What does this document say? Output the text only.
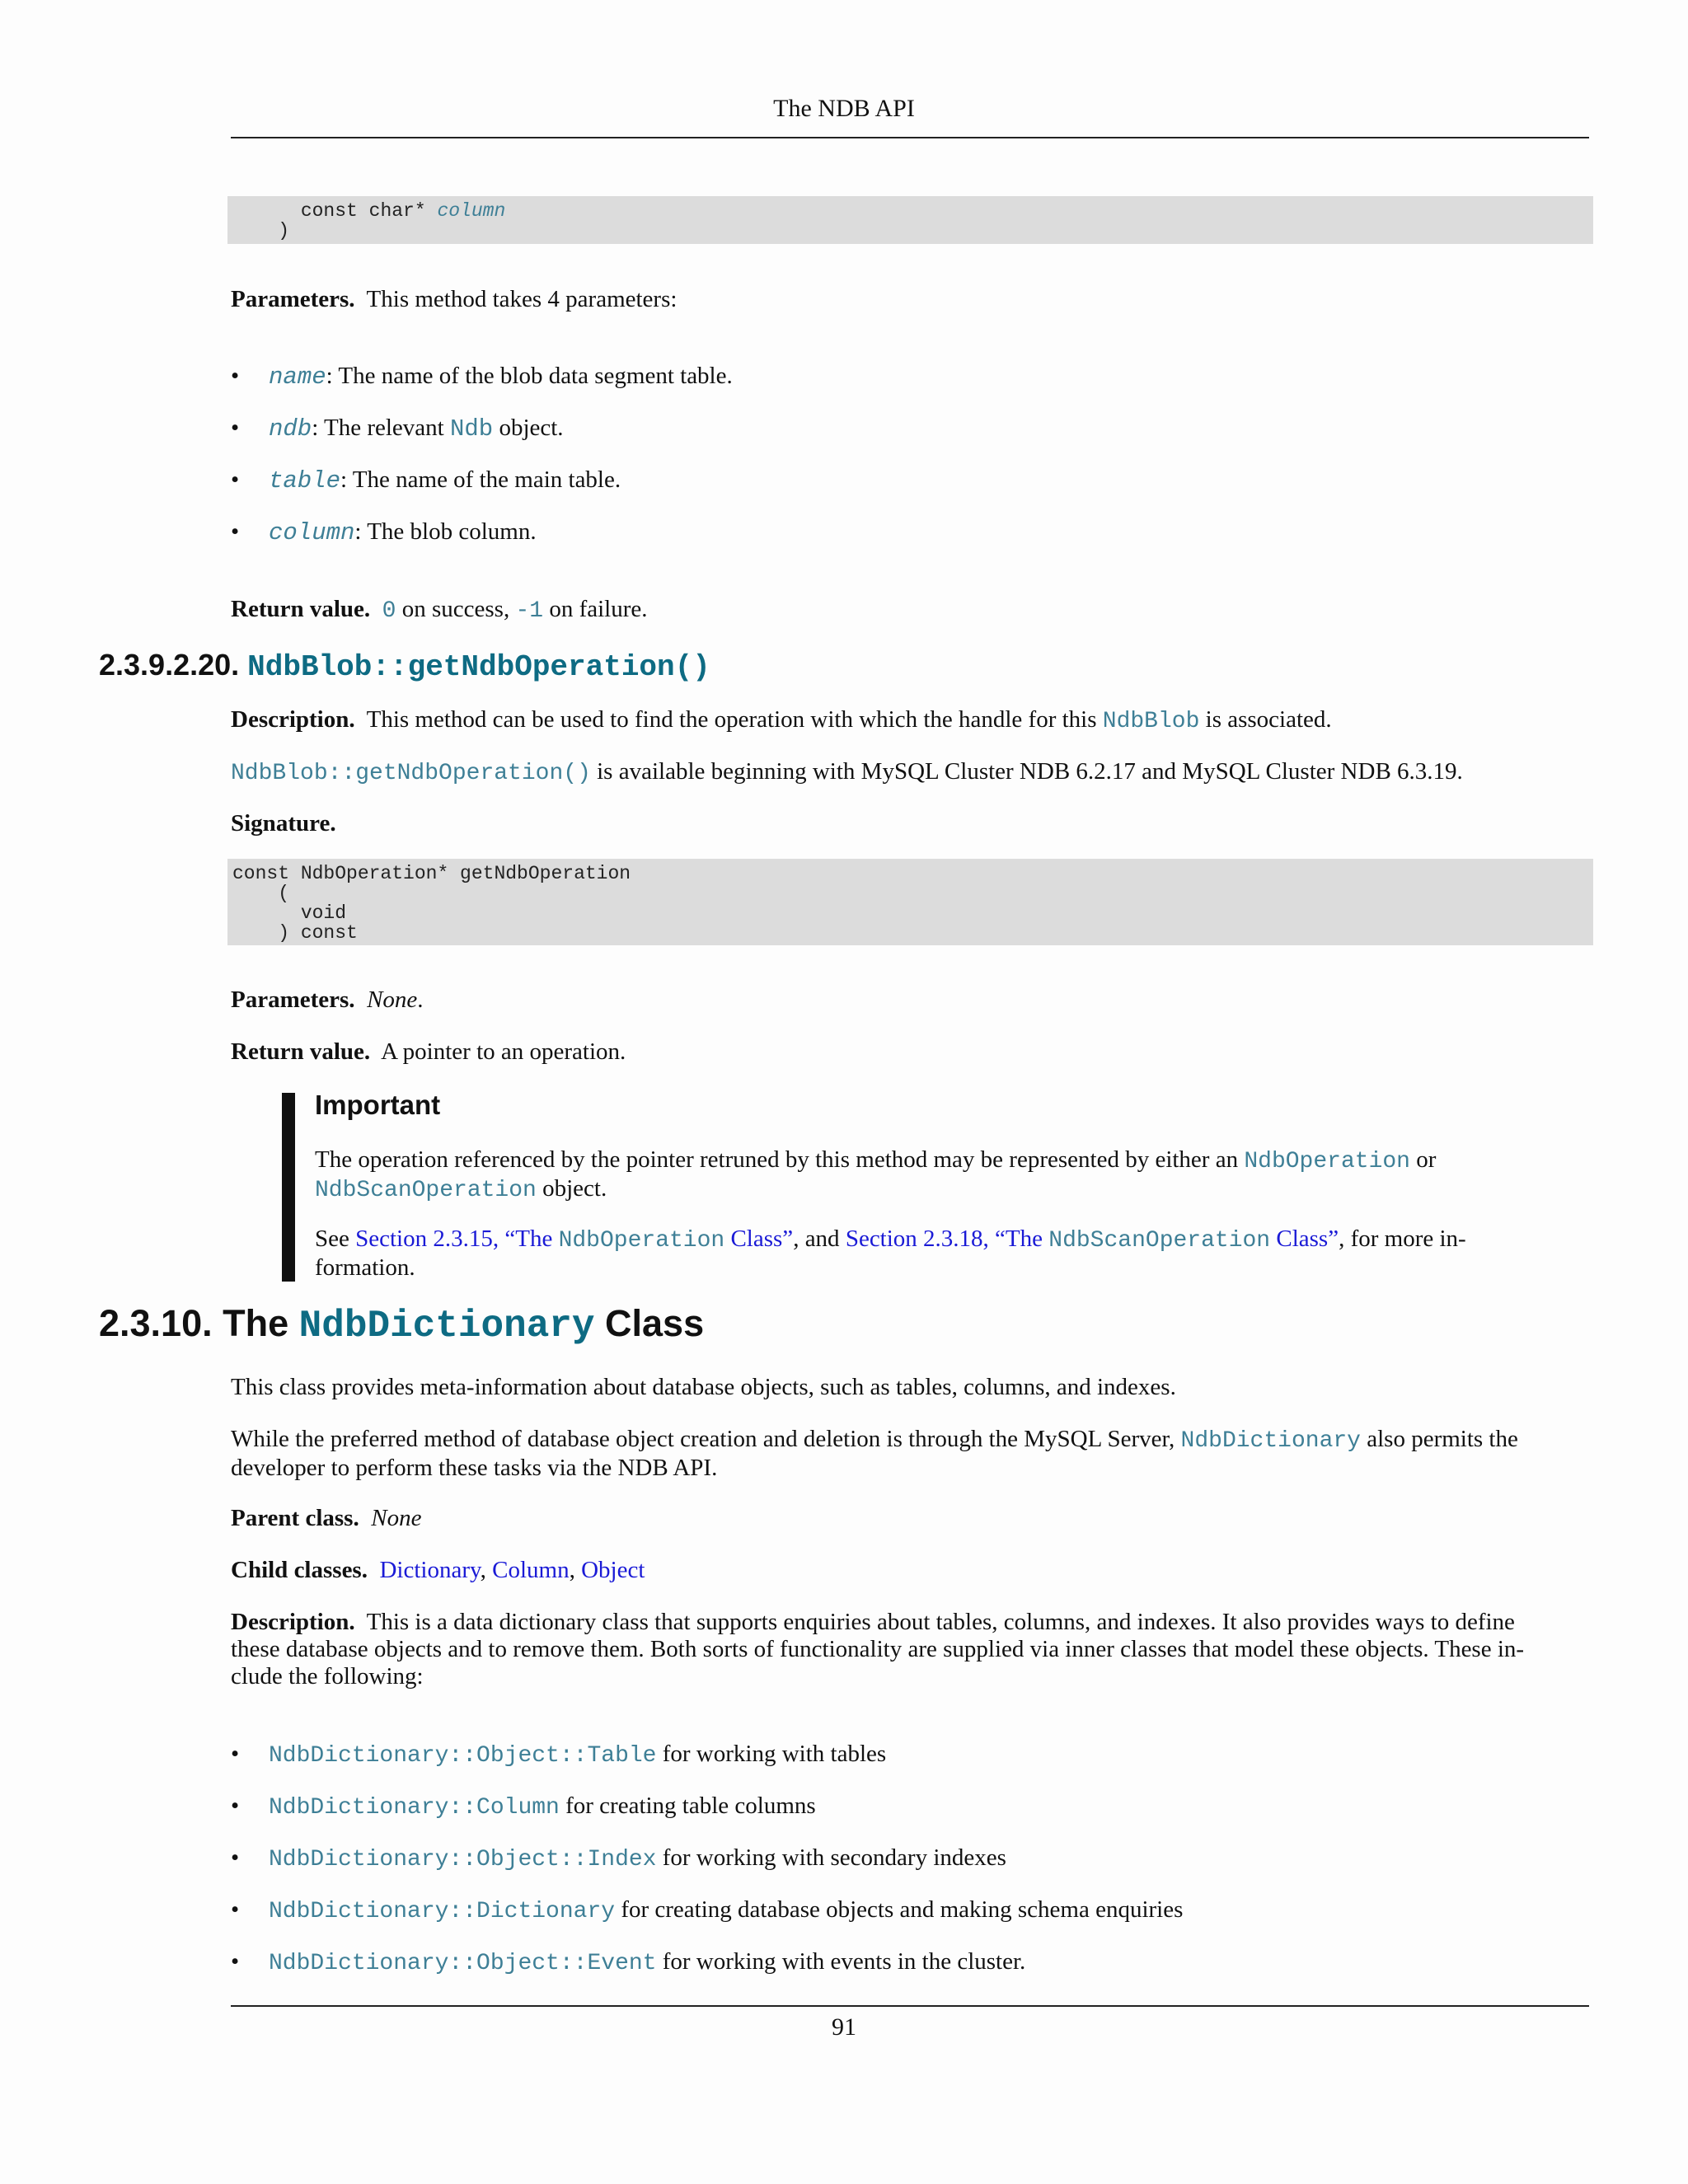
The NDB API
const char* column
)
Parameters. This method takes 4 parameters:
• name: The name of the blob data segment table.
• ndb: The relevant Ndb object.
• table: The name of the main table.
• column: The blob column.
Return value. 0 on success, -1 on failure.
2.3.9.2.20. NdbBlob::getNdbOperation()
Description. This method can be used to find the operation with which the handle for this NdbBlob is associated.
NdbBlob::getNdbOperation() is available beginning with MySQL Cluster NDB 6.2.17 and MySQL Cluster NDB 6.3.19.
Signature.
const NdbOperation* getNdbOperation
(
void
) const
Parameters. None.
Return value. A pointer to an operation.
Important
The operation referenced by the pointer retruned by this method may be represented by either an NdbOperation or
NdbScanOperation object.
See Section 2.3.15, “The NdbOperation Class”, and Section 2.3.18, “The NdbScanOperation Class”, for more in-
formation.
2.3.10. The NdbDictionary Class
This class provides meta-information about database objects, such as tables, columns, and indexes.
While the preferred method of database object creation and deletion is through the MySQL Server, NdbDictionary also permits the
developer to perform these tasks via the NDB API.
Parent class. None
Child classes. Dictionary, Column, Object
Description. This is a data dictionary class that supports enquiries about tables, columns, and indexes. It also provides ways to define
these database objects and to remove them. Both sorts of functionality are supplied via inner classes that model these objects. These in-
clude the following:
• NdbDictionary::Object::Table for working with tables
• NdbDictionary::Column for creating table columns
• NdbDictionary::Object::Index for working with secondary indexes
• NdbDictionary::Dictionary for creating database objects and making schema enquiries
• NdbDictionary::Object::Event for working with events in the cluster.
91
